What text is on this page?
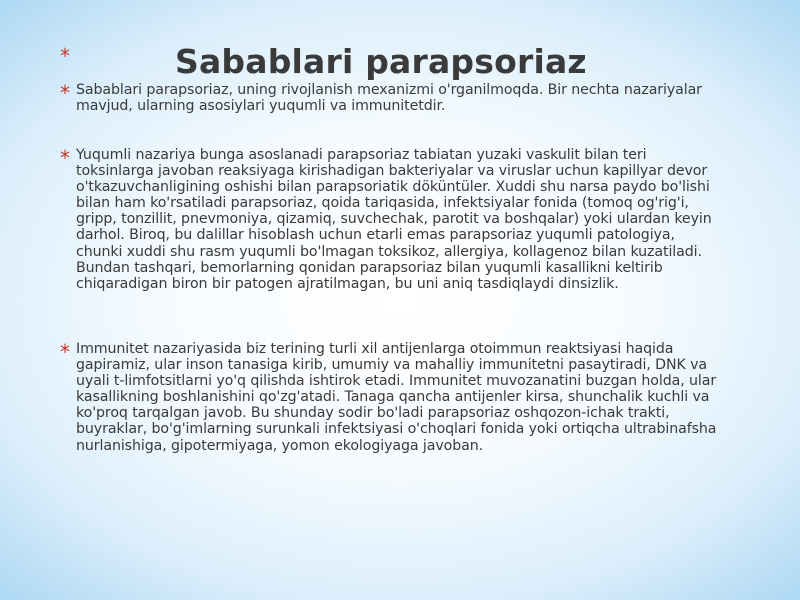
*	Sabablari parapsoriaz
* Sabablari parapsoriaz, uning rivojlanish mexanizmi o'rganilmoqda. Bir nechta nazariyalar mavjud, ularning asosiylari yuqumli va immunitetdir.
* Yuqumli nazariya bunga asoslanadi parapsoriaz tabiatan yuzaki vaskulit bilan teri toksinlarga javoban reaksiyaga kirishadigan bakteriyalar va viruslar uchun kapillyar devor o'tkazuvchanligining oshishi bilan parapsoriatik döküntüler. Xuddi shu narsa paydo bo'lishi bilan ham ko'rsatiladi parapsoriaz, qoida tariqasida, infektsiyalar fonida (tomoq og'rig'i, gripp, tonzillit, pnevmoniya, qizamiq, suvchechak, parotit va boshqalar) yoki ulardan keyin darhol. Biroq, bu dalillar hisoblash uchun etarli emas parapsoriaz yuqumli patologiya, chunki xuddi shu rasm yuqumli bo'lmagan toksikoz, allergiya, kollagenoz bilan kuzatiladi. Bundan tashqari, bemorlarning qonidan parapsoriaz bilan yuqumli kasallikni keltirib chiqaradigan biron bir patogen ajratilmagan, bu uni aniq tasdiqlaydi dinsizlik.
* Immunitet nazariyasida biz terining turli xil antijenlarga otoimmun reaktsiyasi haqida gapiramiz, ular inson tanasiga kirib, umumiy va mahalliy immunitetni pasaytiradi, DNK va uyali t-limfotsitlarni yo'q qilishda ishtirok etadi. Immunitet muvozanatini buzgan holda, ular kasallikning boshlanishini qo'zg'atadi. Tanaga qancha antijenler kirsa, shunchalik kuchli va ko'proq tarqalgan javob. Bu shunday sodir bo'ladi parapsoriaz oshqozon-ichak trakti, buyraklar, bo'g'imlarning surunkali infektsiyasi o'choqlari fonida yoki ortiqcha ultrabinafsha nurlanishiga, gipotermiyaga, yomon ekologiyaga javoban.
